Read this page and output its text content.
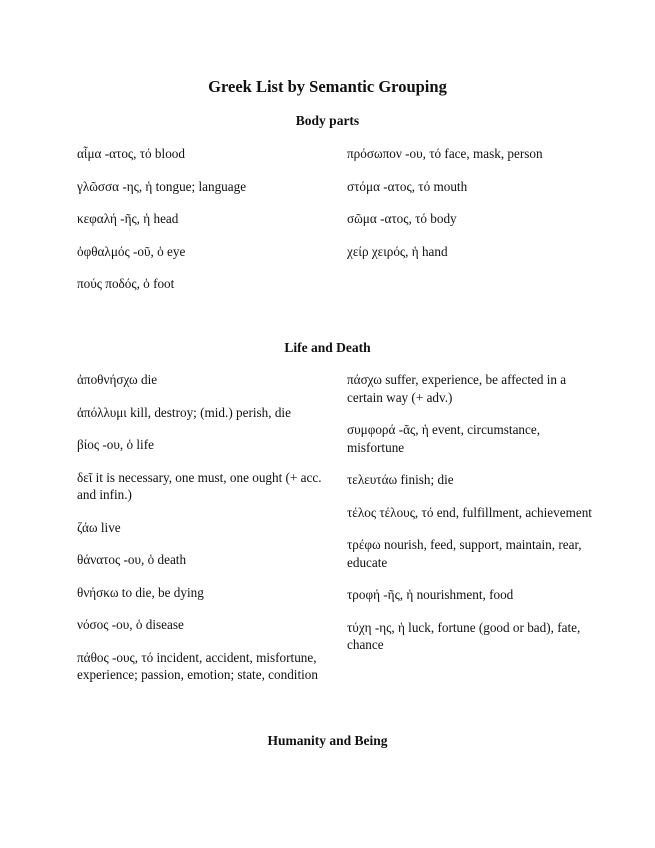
Greek List by Semantic Grouping
Body parts
αἷμα -ατος, τό blood
γλῶσσα -ης, ἡ tongue; language
κεφαλή -ῆς, ἡ head
ὀφθαλμός -οῦ, ὁ eye
πούς ποδός, ὁ foot
πρόσωπον -ου, τό face, mask, person
στόμα -ατος, τό mouth
σῶμα -ατος, τό body
χείρ χειρός, ἡ hand
Life and Death
ἀποθνήσχω die
ἀπόλλυμι kill, destroy; (mid.) perish, die
βίος -ου, ὁ life
δεῖ it is necessary, one must, one ought (+ acc. and infin.)
ζάω live
θάνατος -ου, ὁ death
θνήσκω to die, be dying
νόσος -ου, ὁ disease
πάθος -ους, τό incident, accident, misfortune, experience; passion, emotion; state, condition
πάσχω suffer, experience, be affected in a certain way (+ adv.)
συμφορά -ᾶς, ἡ event, circumstance, misfortune
τελευτάω finish; die
τέλος τέλους, τό end, fulfillment, achievement
τρέφω nourish, feed, support, maintain, rear, educate
τροφή -ῆς, ἡ nourishment, food
τύχη -ης, ἡ luck, fortune (good or bad), fate, chance
Humanity and Being
